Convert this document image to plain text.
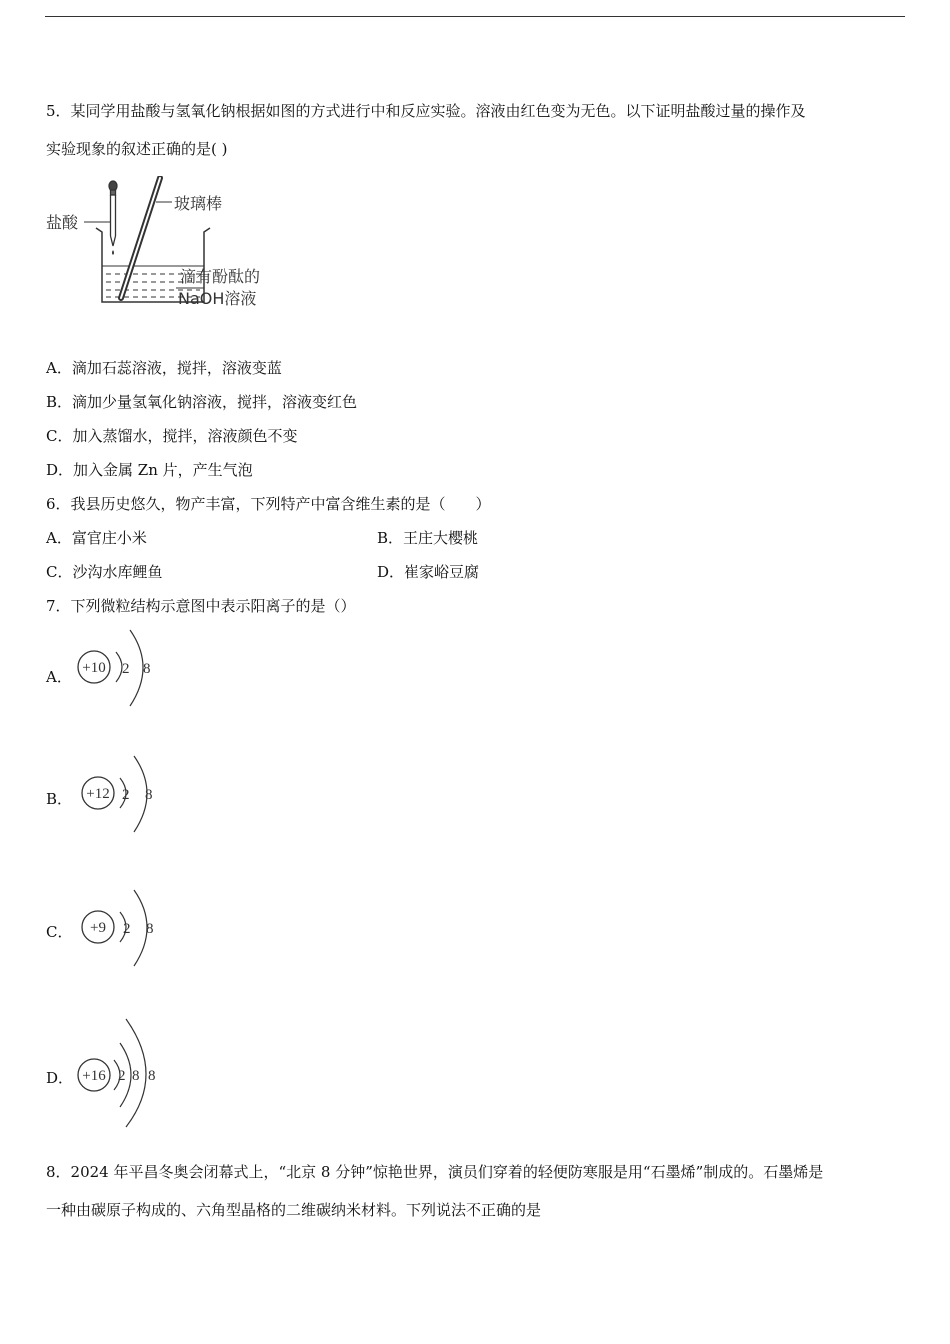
5．某同学用盐酸与氢氧化钠根据如图的方式进行中和反应实验。溶液由红色变为无色。以下证明盐酸过量的操作及

实验现象的叙述正确的是( )

盐酸
玻璃棒
滴有酚酞的
NaOH溶液
A．滴加石蕊溶液，搅拌，溶液变蓝
B．滴加少量氢氧化钠溶液，搅拌，溶液变红色
C．加入蒸馏水，搅拌，溶液颜色不变
D．加入金属 Zn 片，产生气泡
6．我县历史悠久，物产丰富，下列特产中富含维生素的是（　　）
A．富官庄小米	B．王庄大樱桃
C．沙沟水库鲤鱼	D．崔家峪豆腐
7．下列微粒结构示意图中表示阳离子的是（）
A． +10 2 8
B． +12 2 8
C． +9 2 8
D． +16 2 8 8

8．2024 年平昌冬奥会闭幕式上，“北京 8 分钟”惊艳世界，演员们穿着的轻便防寒服是用“石墨烯”制成的。石墨烯是

一种由碳原子构成的、六角型晶格的二维碳纳米材料。下列说法不正确的是
